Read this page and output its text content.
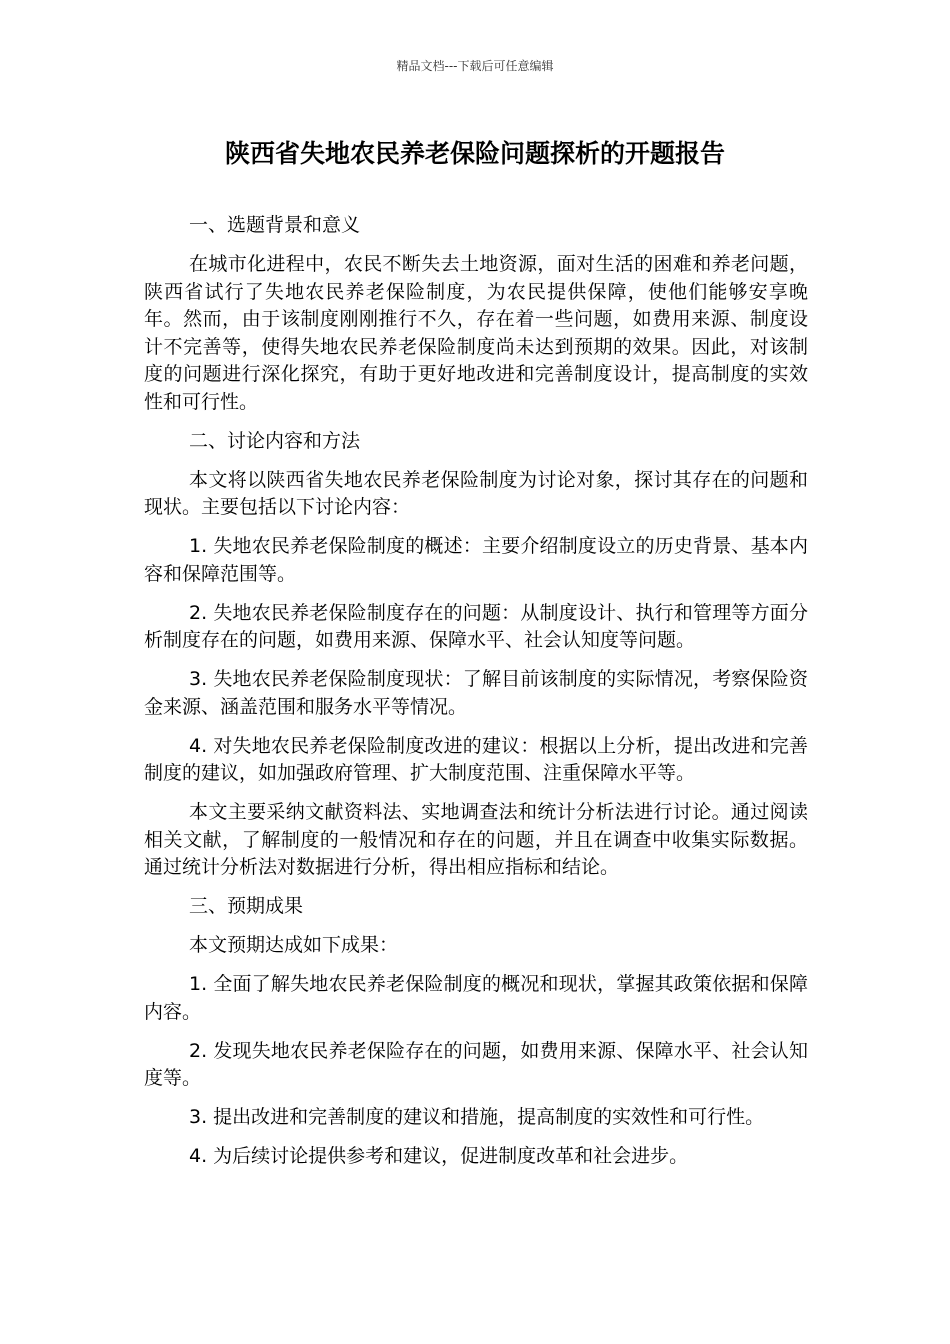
精品文档---下载后可任意编辑
陕西省失地农民养老保险问题探析的开题报告

一、选题背景和意义

在城市化进程中，农民不断失去土地资源，面对生活的困难和养老问题，陕西省试行了失地农民养老保险制度，为农民提供保障，使他们能够安享晚年。然而，由于该制度刚刚推行不久，存在着一些问题，如费用来源、制度设计不完善等，使得失地农民养老保险制度尚未达到预期的效果。因此，对该制度的问题进行深化探究，有助于更好地改进和完善制度设计，提高制度的实效性和可行性。

二、讨论内容和方法

本文将以陕西省失地农民养老保险制度为讨论对象，探讨其存在的问题和现状。主要包括以下讨论内容：

1. 失地农民养老保险制度的概述：主要介绍制度设立的历史背景、基本内容和保障范围等。

2. 失地农民养老保险制度存在的问题：从制度设计、执行和管理等方面分析制度存在的问题，如费用来源、保障水平、社会认知度等问题。

3. 失地农民养老保险制度现状：了解目前该制度的实际情况，考察保险资金来源、涵盖范围和服务水平等情况。

4. 对失地农民养老保险制度改进的建议：根据以上分析，提出改进和完善制度的建议，如加强政府管理、扩大制度范围、注重保障水平等。

本文主要采纳文献资料法、实地调查法和统计分析法进行讨论。通过阅读相关文献，了解制度的一般情况和存在的问题，并且在调查中收集实际数据。通过统计分析法对数据进行分析，得出相应指标和结论。

三、预期成果

本文预期达成如下成果：

1. 全面了解失地农民养老保险制度的概况和现状，掌握其政策依据和保障内容。

2. 发现失地农民养老保险存在的问题，如费用来源、保障水平、社会认知度等。

3. 提出改进和完善制度的建议和措施，提高制度的实效性和可行性。

4. 为后续讨论提供参考和建议，促进制度改革和社会进步。
